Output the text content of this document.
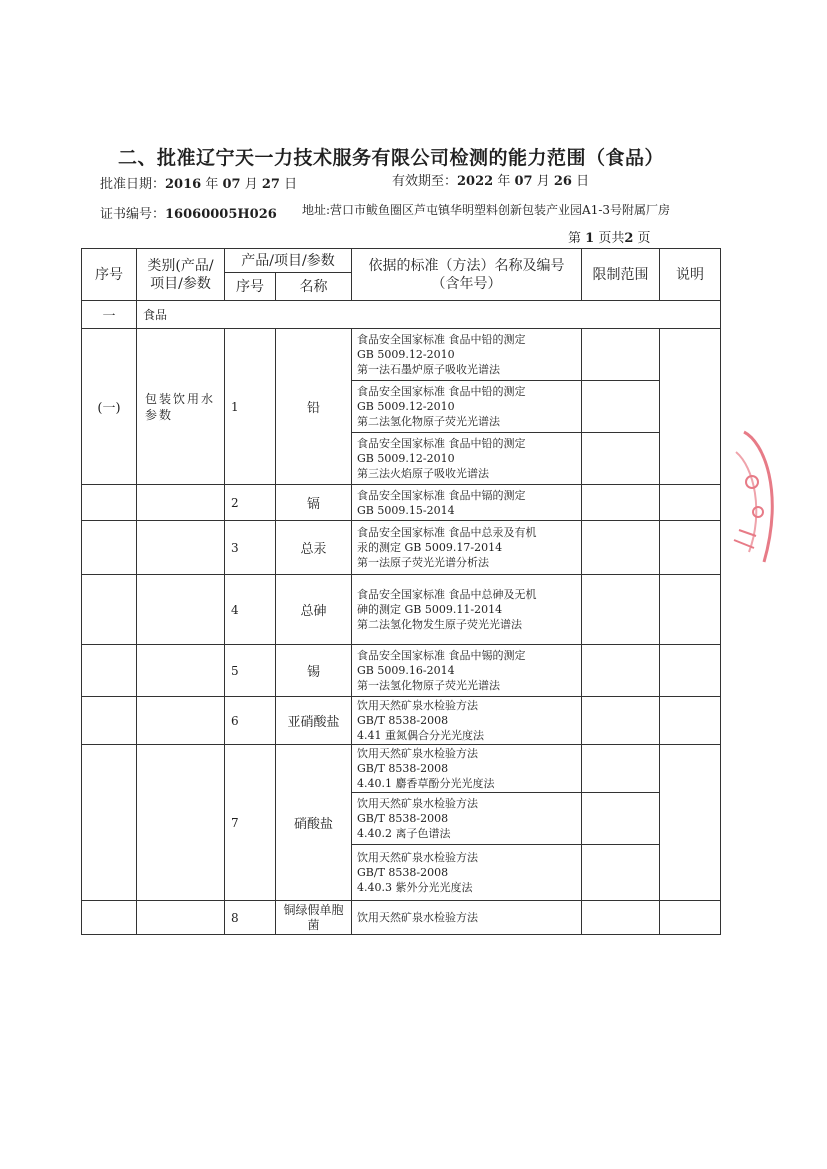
二、批准辽宁天一力技术服务有限公司检测的能力范围（食品）
批准日期：2016 年 07 月 27 日	有效期至：2022 年 07 月 26 日
证书编号：16060005H026 地址:营口市鲅鱼圈区芦屯镇华明塑料创新包装产业园A1-3号附属厂房
第 1 页共2 页
序号	类别(产品/项目/参数	产品/项目/参数		依据的标准（方法）名称及编号（含年号）	限制范围	说明
		序号	名称			
一	食品					
(一)	包装饮用水参数	1	铅	食品安全国家标准 食品中铅的测定
GB 5009.12-2010
第一法石墨炉原子吸收光谱法		

				食品安全国家标准 食品中铅的测定
GB 5009.12-2010
第二法氢化物原子荧光光谱法		

				食品安全国家标准 食品中铅的测定
GB 5009.12-2010
第三法火焰原子吸收光谱法		

		2	镉	食品安全国家标准 食品中镉的测定
GB 5009.15-2014		

		3	总汞	食品安全国家标准 食品中总汞及有机
汞的测定 GB 5009.17-2014
第一法原子荧光光谱分析法		

		4	总砷	食品安全国家标准 食品中总砷及无机
砷的测定 GB 5009.11-2014
第二法氢化物发生原子荧光光谱法		

		5	锡	食品安全国家标准 食品中锡的测定
GB 5009.16-2014
第一法氢化物原子荧光光谱法		

		6	亚硝酸盐	饮用天然矿泉水检验方法
GB/T 8538-2008
4.41 重氮偶合分光光度法		

		7	硝酸盐	饮用天然矿泉水检验方法
GB/T 8538-2008
4.40.1 麝香草酚分光光度法		

				饮用天然矿泉水检验方法
GB/T 8538-2008
4.40.2 离子色谱法		

				饮用天然矿泉水检验方法
GB/T 8538-2008
4.40.3 紫外分光光度法		

		8	铜绿假单胞菌	饮用天然矿泉水检验方法		
